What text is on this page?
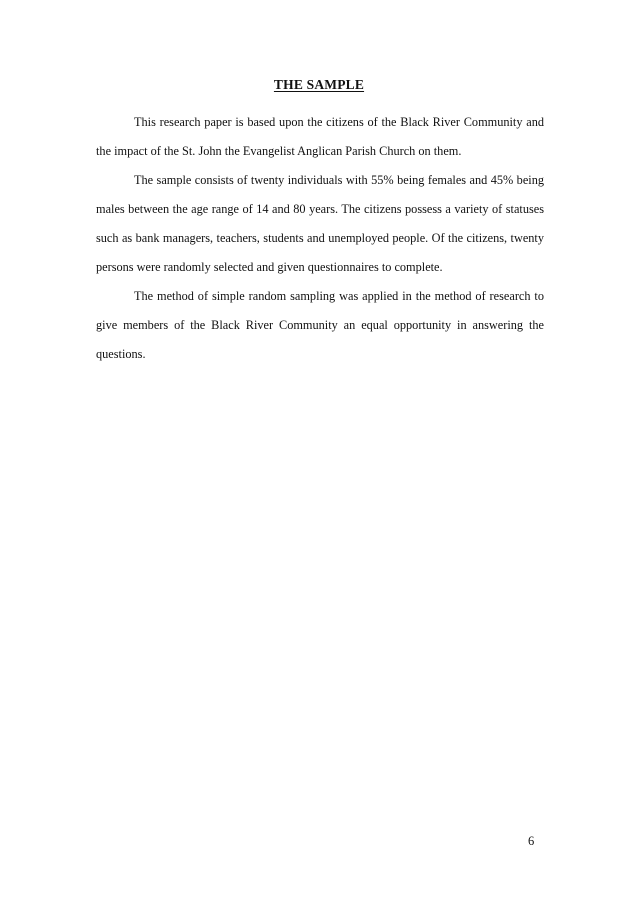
THE SAMPLE

This research paper is based upon the citizens of the Black River Community and the impact of the St. John the Evangelist Anglican Parish Church on them.

The sample consists of twenty individuals with 55% being females and 45% being males between the age range of 14 and 80 years. The citizens possess a variety of statuses such as bank managers, teachers, students and unemployed people. Of the citizens, twenty persons were randomly selected and given questionnaires to complete.

The method of simple random sampling was applied in the method of research to give members of the Black River Community an equal opportunity in answering the questions.

6
